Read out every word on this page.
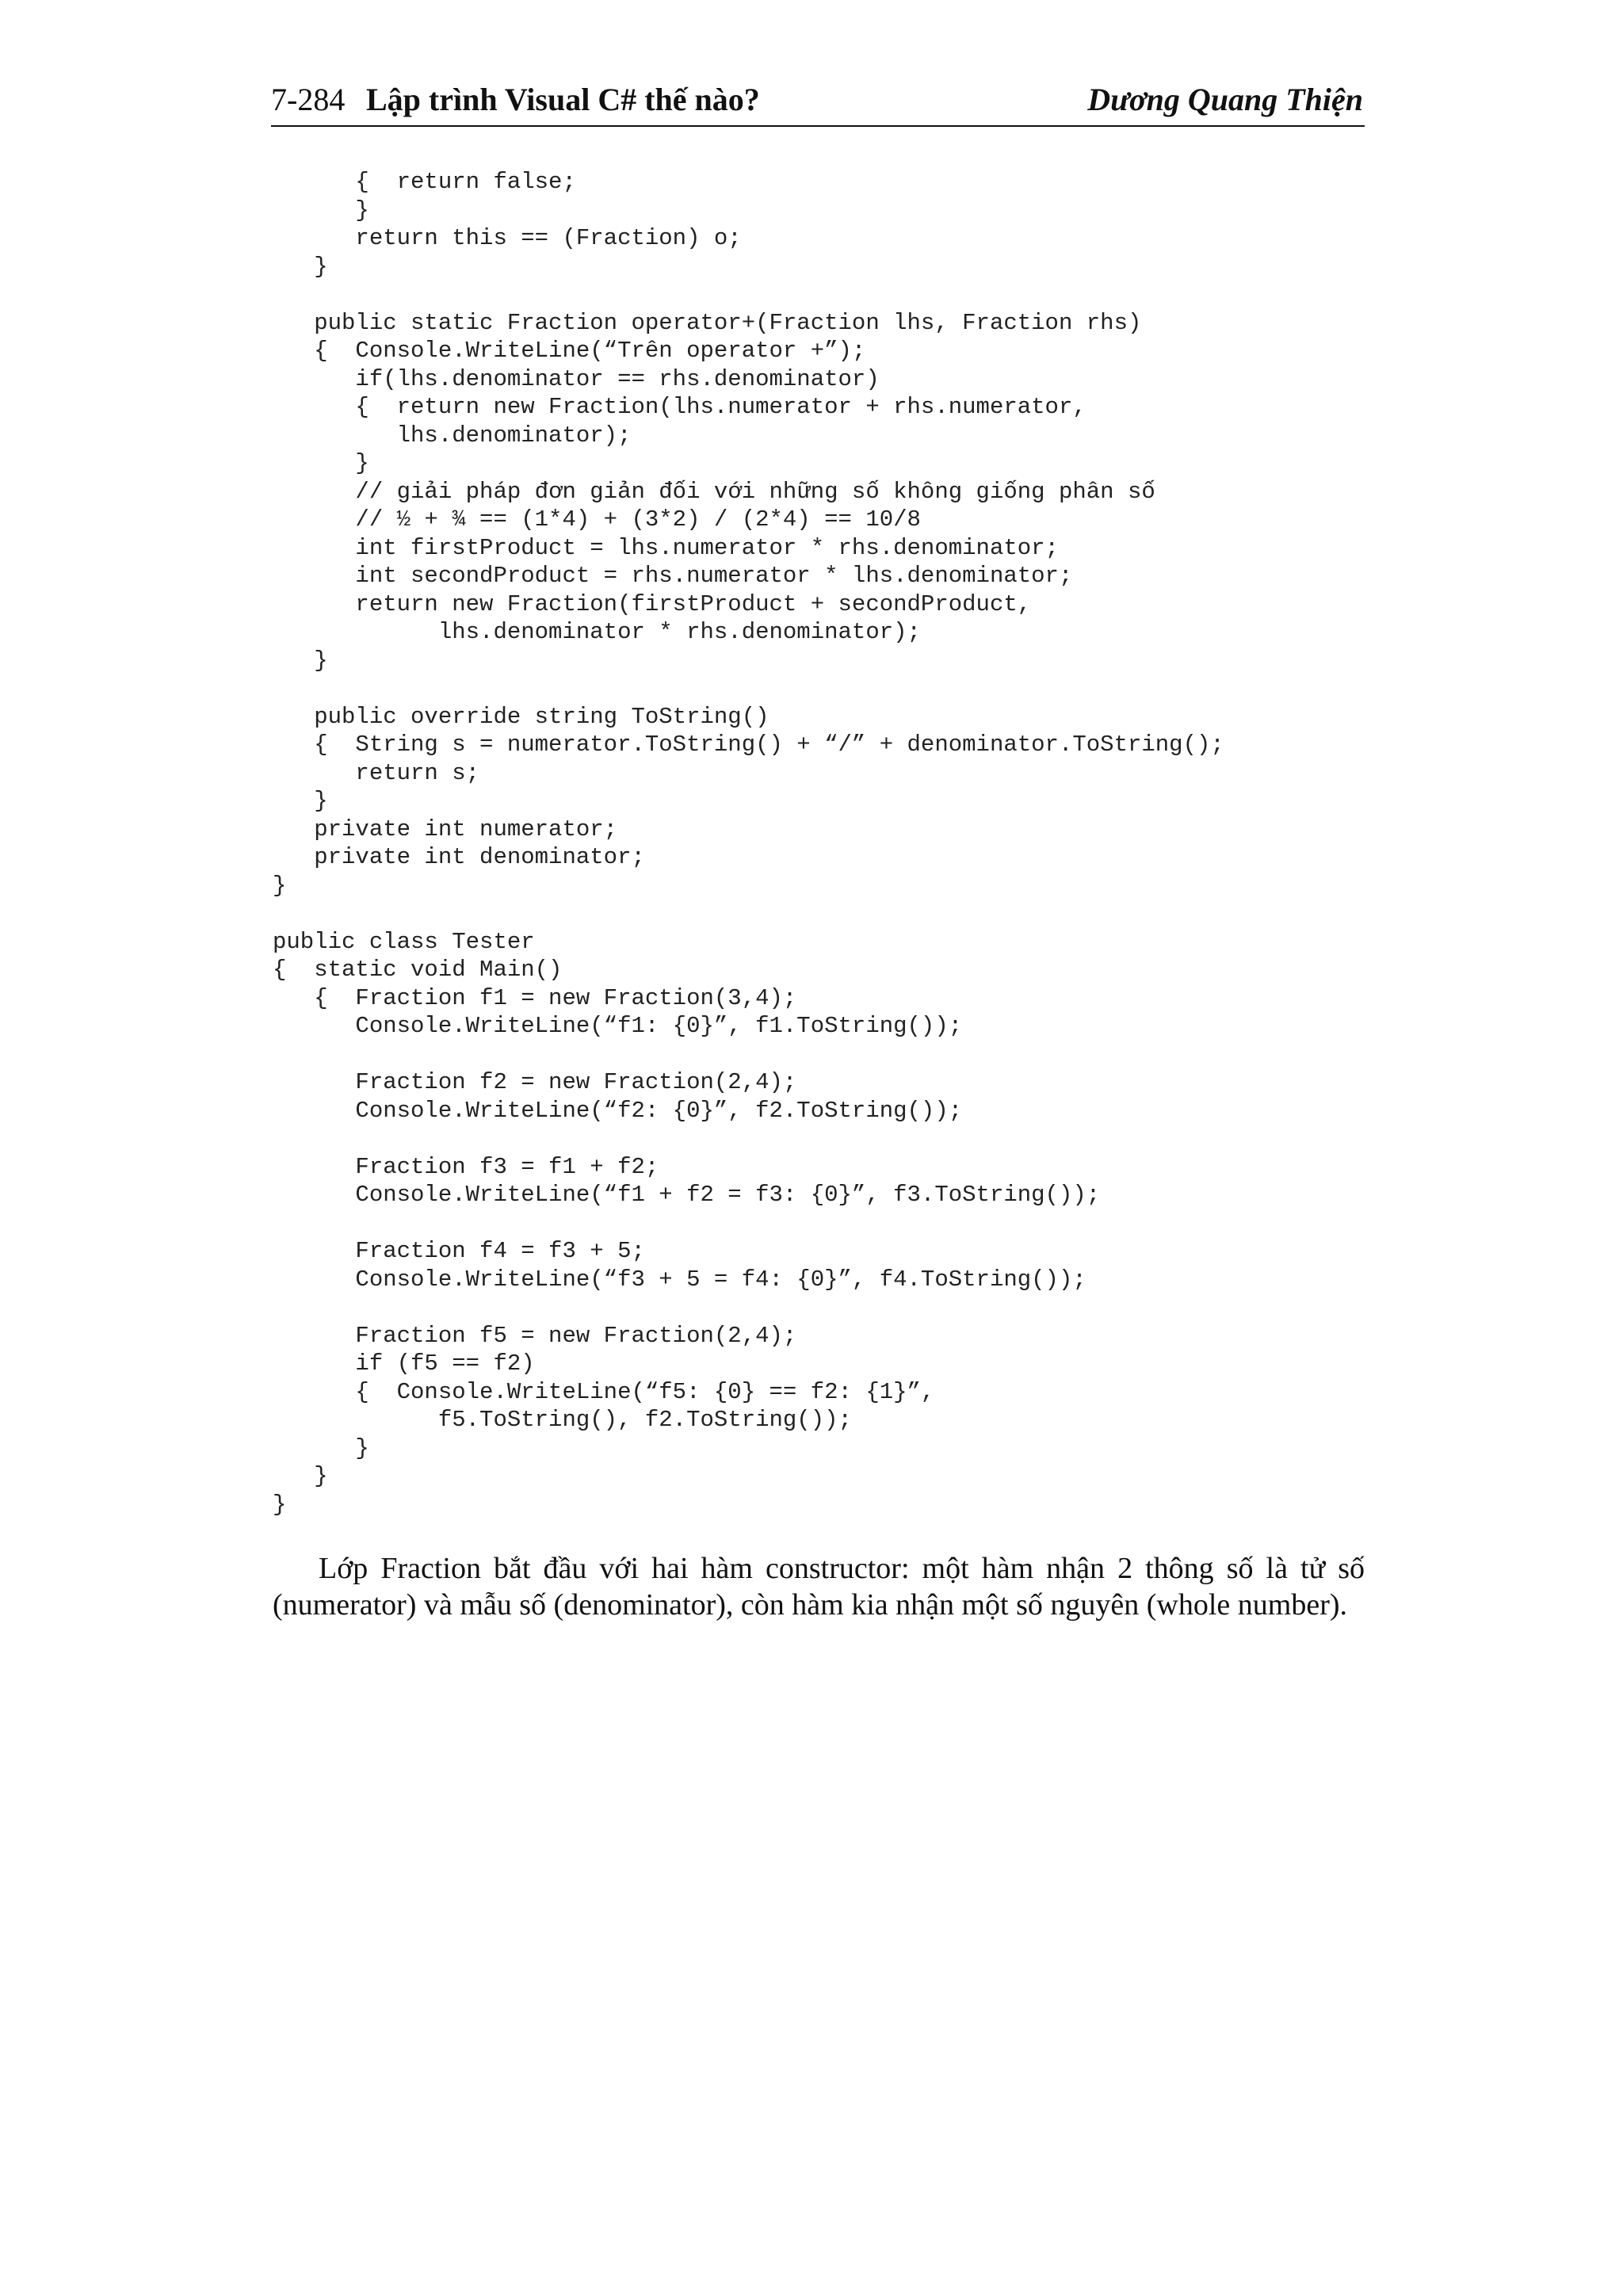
7-284 Lập trình Visual C# thế nào?	Dương Quang Thiện
{  return false;
}
return this == (Fraction) o;
}
public static Fraction operator+(Fraction lhs, Fraction rhs)
{  Console.WriteLine(“Trên operator +”);
if(lhs.denominator == rhs.denominator)
{  return new Fraction(lhs.numerator + rhs.numerator,
lhs.denominator);
}
// giải pháp đơn giản đối với những số không giống phân số
// ½ + ¾ == (1*4) + (3*2) / (2*4) == 10/8
int firstProduct = lhs.numerator * rhs.denominator;
int secondProduct = rhs.numerator * lhs.denominator;
return new Fraction(firstProduct + secondProduct,
lhs.denominator * rhs.denominator);
}
public override string ToString()
{  String s = numerator.ToString() + “/” + denominator.ToString();
return s;
}
private int numerator;
private int denominator;
}
public class Tester
{  static void Main()
{  Fraction f1 = new Fraction(3,4);
Console.WriteLine(“f1: {0}”, f1.ToString());
Fraction f2 = new Fraction(2,4);
Console.WriteLine(“f2: {0}”, f2.ToString());
Fraction f3 = f1 + f2;
Console.WriteLine(“f1 + f2 = f3: {0}”, f3.ToString());
Fraction f4 = f3 + 5;
Console.WriteLine(“f3 + 5 = f4: {0}”, f4.ToString());
Fraction f5 = new Fraction(2,4);
if (f5 == f2)
{  Console.WriteLine(“f5: {0} == f2: {1}”,
f5.ToString(), f2.ToString());
}
}
}

Lớp Fraction bắt đầu với hai hàm constructor: một hàm nhận 2 thông số là tử số (numerator) và mẫu số (denominator), còn hàm kia nhận một số nguyên (whole number).
